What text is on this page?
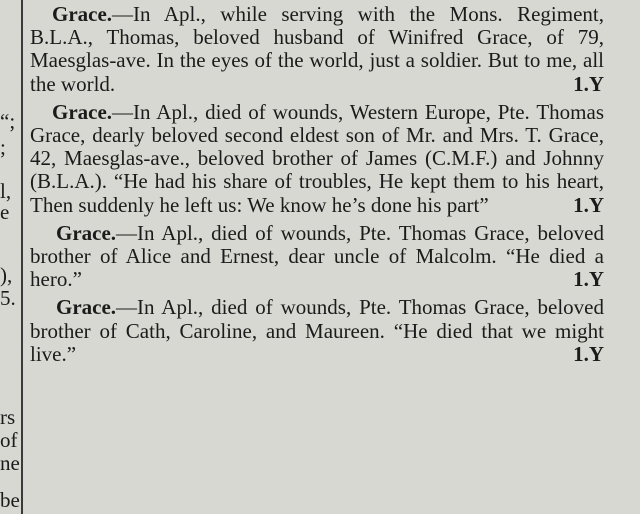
“;
;
l,
e
),
5.
rs
of
ne
be

Grace.—In Apl., while serving with the Mons. Regiment, B.L.A., Thomas, beloved husband of Winifred Grace, of 79, Maesglas-ave. In the eyes of the world, just a soldier. But to me, all the world.	1.Y

Grace.—In Apl., died of wounds, Western Europe, Pte. Thomas Grace, dearly beloved second eldest son of Mr. and Mrs. T. Grace, 42, Maesglas-ave., beloved brother of James (C.M.F.) and Johnny (B.L.A.). “He had his share of troubles, He kept them to his heart, Then suddenly he left us: We know he’s done his part”	1.Y

Grace.—In Apl., died of wounds, Pte. Thomas Grace, beloved brother of Alice and Ernest, dear uncle of Malcolm. “He died a hero.”	1.Y

Grace.—In Apl., died of wounds, Pte. Thomas Grace, beloved brother of Cath, Caroline, and Maureen. “He died that we might live.”	1.Y
